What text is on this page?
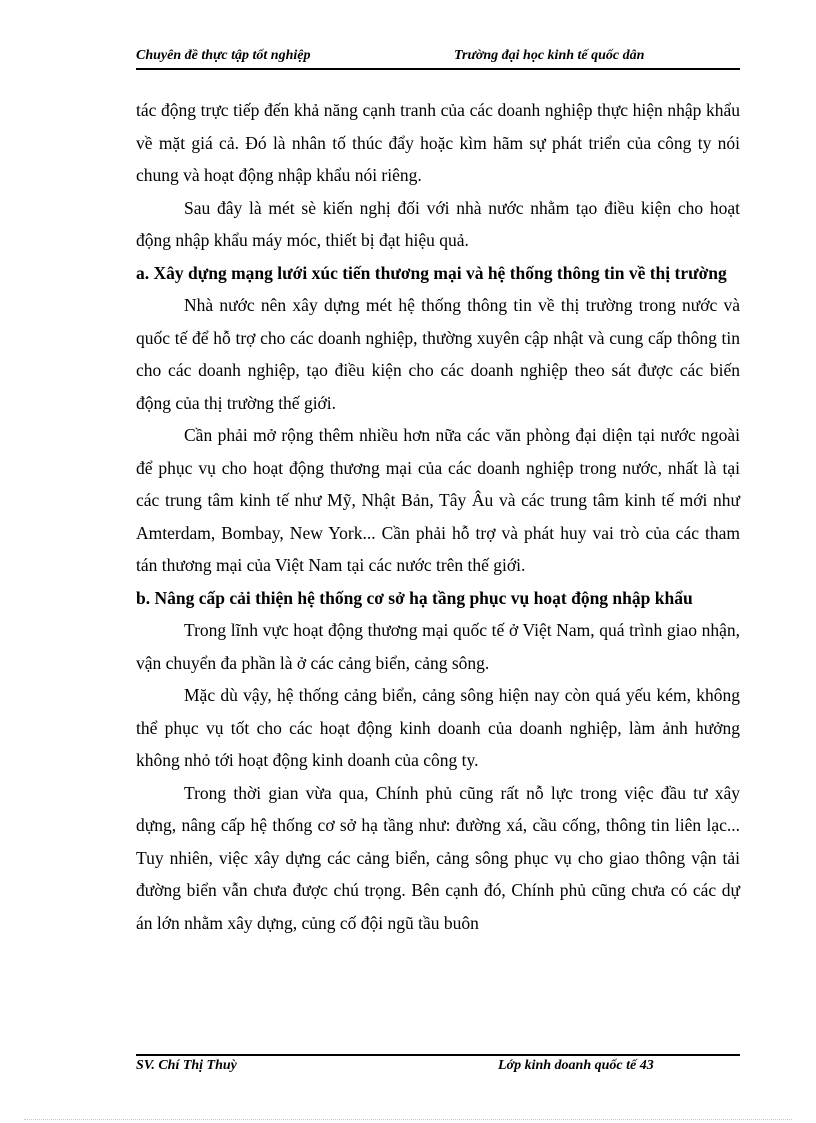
Chuyên đề thực tập tốt nghiệp	Trường đại học kinh tế quốc dân

tác động trực tiếp đến khả năng cạnh tranh của các doanh nghiệp thực hiện nhập khẩu về mặt giá cả. Đó là nhân tố thúc đẩy hoặc kìm hãm sự phát triển của công ty nói chung và hoạt động nhập khẩu nói riêng.

Sau đây là mét sè kiến nghị đối với nhà nước nhằm tạo điều kiện cho hoạt động nhập khẩu máy móc, thiết bị đạt hiệu quả.

a. Xây dựng mạng lưới xúc tiến thương mại và hệ thống thông tin về thị trường

Nhà nước nên xây dựng mét hệ thống thông tin về thị trường trong nước và quốc tế để hỗ trợ cho các doanh nghiệp, thường xuyên cập nhật và cung cấp thông tin cho các doanh nghiệp, tạo điều kiện cho các doanh nghiệp theo sát được các biến động của thị trường thế giới.

Cần phải mở rộng thêm nhiều hơn nữa các văn phòng đại diện tại nước ngoài để phục vụ cho hoạt động thương mại của các doanh nghiệp trong nước, nhất là tại các trung tâm kinh tế như Mỹ, Nhật Bản, Tây Âu và các trung tâm kinh tế mới như Amterdam, Bombay, New York... Cần phải hỗ trợ và phát huy vai trò của các tham tán thương mại của Việt Nam tại các nước trên thế giới.

b. Nâng cấp cải thiện hệ thống cơ sở hạ tầng phục vụ hoạt động nhập khẩu

Trong lĩnh vực hoạt động thương mại quốc tế ở Việt Nam, quá trình giao nhận, vận chuyển đa phần là ở các cảng biển, cảng sông.

Mặc dù vậy, hệ thống cảng biển, cảng sông hiện nay còn quá yếu kém, không thể phục vụ tốt cho các hoạt động kinh doanh của doanh nghiệp, làm ảnh hưởng không nhỏ tới hoạt động kinh doanh của công ty.

Trong thời gian vừa qua, Chính phủ cũng rất nỗ lực trong việc đầu tư xây dựng, nâng cấp hệ thống cơ sở hạ tầng như: đường xá, cầu cống, thông tin liên lạc... Tuy nhiên, việc xây dựng các cảng biển, cảng sông phục vụ cho giao thông vận tải đường biển vẫn chưa được chú trọng. Bên cạnh đó, Chính phủ cũng chưa có các dự án lớn nhằm xây dựng, củng cố đội ngũ tầu buôn

SV. Chí Thị Thuỳ	Lớp kinh doanh quốc tế 43
